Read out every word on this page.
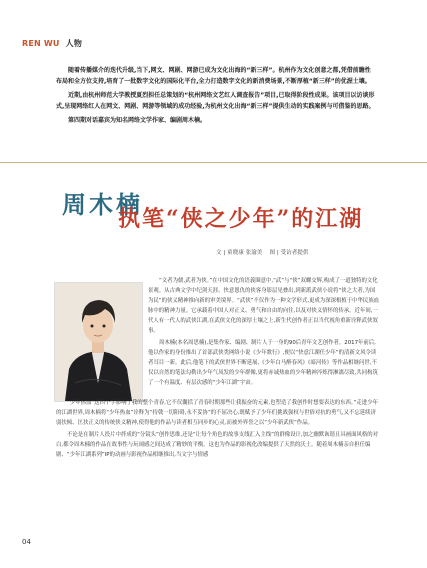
REN WU 人物

随着传播媒介的迭代升级,当下,网文、网剧、网游已成为文化出海的“新三样”。杭州作为文化创意之都,凭借前瞻性布局和全方位支持,培育了一批数字文化的国际化平台,全力打造数字文化的新消费场景,不断厚植“新三样”的优渥土壤。

近期,由杭州师范大学教授夏烈担任总策划的“杭州网络文艺红人调查报告”项目,已取得阶段性成果。该项目以访谈形式,呈现网络红人在网文、网剧、网游等领域的成功经验,为杭州文化出海“新三样”提供生动的实践案例与可借鉴的思路。

第四期对话嘉宾为知名网络文学作家、编剧周木楠。

周木楠
执笔“侠之少年”的江湖
文 | 童晓康 张渝美    图 | 受访者提供

“文者为儒,武者为侠。”在中国文化的语義圈意中,“武”与“侠”双螺交辉,构成了一道独特的文化景观。从古典文学中纪剑天涯、快意恩仇的侠客身影层见叠出,到新派武侠小说将“侠之大者,为国为民”的侠义精神推向新的审美境界。“武侠”不仅作为一种文学形式,更成为深深根植于中华民族血脉中的精神力量。它承载着中国人对正义、勇气和自由的向往,以及对侠义情怀的传承。近年间,一代人有一代人的武侠江湖,在武侠文化的深厚土壤之上,新生代创作者正以当代视角重新诠释武侠叙事。

周木楠(本名周思楠),是集作家、编剧、制片人于一身的90后青年文艺创作者。2017年前后,他以作家的身份推出了首部武侠类网络小说《少年歌行》,便以“快意江湖任少年”的清新文风令读者耳目一新。此后,他笔下的武侠世界不断延展,《少年白马醉春风》《暗河传》等作品相继问世,不仅以自然的笔法勾勒出少年气凤发的少年群像,更将赤诚热血的少年精神淬炼得淋漓尽致,共同构筑了一个有温度、有层次感的“少年江湖”宇宙。

“少年热血”这四个字影响了我的整个青春,它不仅囊括了青春时期那些让我振奋的元素,也塑造了我创作时想要表达的东西。”走进少年的江湖世界,周木楠将“少年热血”诠释为“持戟一切阻碍,永不妥协”的不屈决心,既赋予了少年们挑战强权与世俗对抗的勇气,又不忘延续济弱扶倾、匡扶正义的传统侠义精神,使得他的作品与读者相互同步的心灵,而被外界誉之以“少年新武侠”作品。

不论是在制片人投片中拌成的“分镜头”创作思维,还是“让每个角色的故事支线汇入主线”的群像设计,加之幽默诙谐且具画面风格的对白,都令周木楠的作品在故事性与玩闹感之间达成了精妙的平衡。这也为作品的影视化改编提供了天然的沃土。随着周木楠亲自担任编剧、“少年江湖系列”IP的动画与影视作品相继推出,当文字与情感

04
